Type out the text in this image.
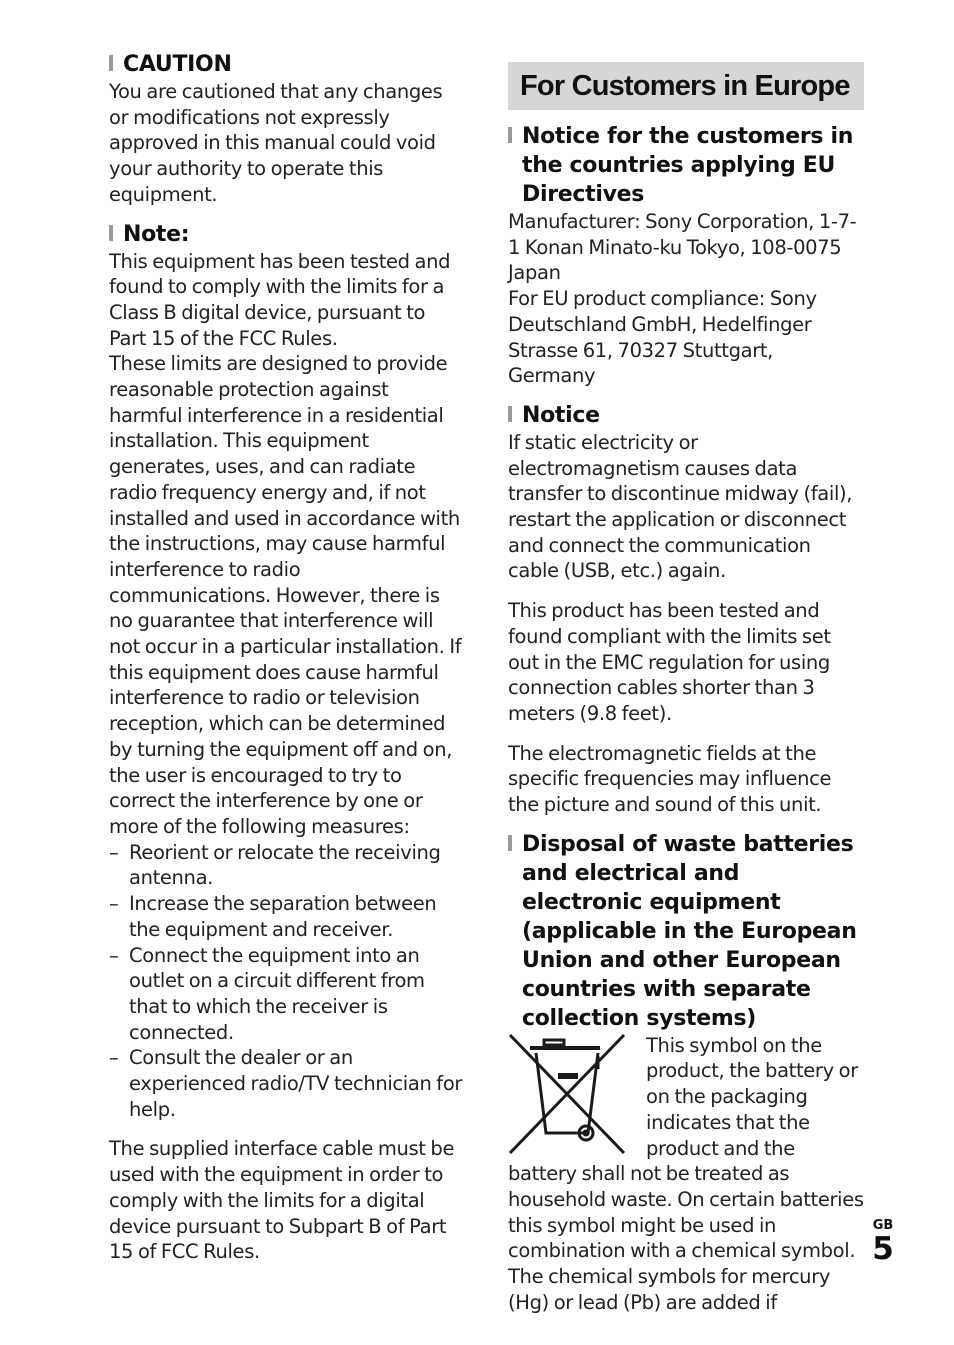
CAUTION

You are cautioned that any changes or modifications not expressly approved in this manual could void your authority to operate this equipment.

Note:

This equipment has been tested and found to comply with the limits for a Class B digital device, pursuant to Part 15 of the FCC Rules.

These limits are designed to provide reasonable protection against harmful interference in a residential installation. This equipment generates, uses, and can radiate radio frequency energy and, if not installed and used in accordance with the instructions, may cause harmful interference to radio communications. However, there is no guarantee that interference will not occur in a particular installation. If this equipment does cause harmful interference to radio or television reception, which can be determined by turning the equipment off and on, the user is encouraged to try to correct the interference by one or more of the following measures:

– Reorient or relocate the receiving antenna.
– Increase the separation between the equipment and receiver.
– Connect the equipment into an outlet on a circuit different from that to which the receiver is connected.
– Consult the dealer or an experienced radio/TV technician for help.

The supplied interface cable must be used with the equipment in order to comply with the limits for a digital device pursuant to Subpart B of Part 15 of FCC Rules.

For Customers in Europe
Notice for the customers in the countries applying EU Directives

Manufacturer: Sony Corporation, 1-7-1 Konan Minato-ku Tokyo, 108-0075 Japan

For EU product compliance: Sony Deutschland GmbH, Hedelfinger Strasse 61, 70327 Stuttgart, Germany

Notice

If static electricity or electromagnetism causes data transfer to discontinue midway (fail), restart the application or disconnect and connect the communication cable (USB, etc.) again.

This product has been tested and found compliant with the limits set out in the EMC regulation for using connection cables shorter than 3 meters (9.8 feet).

The electromagnetic fields at the specific frequencies may influence the picture and sound of this unit.

Disposal of waste batteries and electrical and electronic equipment (applicable in the European Union and other European countries with separate collection systems)

This symbol on the product, the battery or on the packaging indicates that the product and the battery shall not be treated as household waste. On certain batteries this symbol might be used in combination with a chemical symbol. The chemical symbols for mercury (Hg) or lead (Pb) are added if

GB
5
